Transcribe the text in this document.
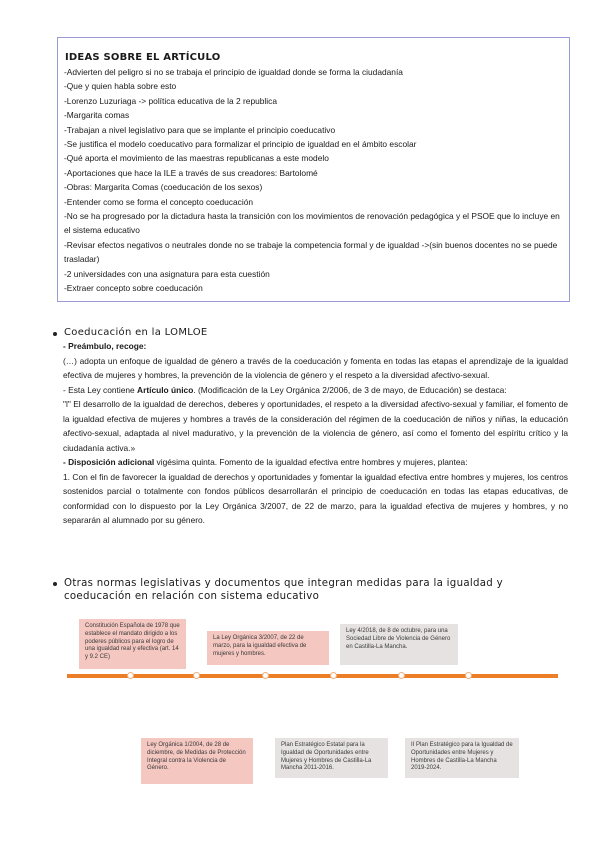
IDEAS SOBRE EL ARTÍCULO
-Advierten del peligro si no se trabaja el principio de igualdad donde se forma la ciudadanía
-Que y quien habla sobre esto
-Lorenzo Luzuriaga -> política educativa de la 2 republica
-Margarita comas
-Trabajan a nivel legislativo para que se implante el principio coeducativo
-Se justifica el modelo coeducativo para formalizar el principio de igualdad en el ámbito escolar
-Qué aporta el movimiento de las maestras republicanas a este modelo
-Aportaciones que hace la ILE a través de sus creadores: Bartolomé
-Obras: Margarita Comas (coeducación de los sexos)
-Entender como se forma el concepto coeducación
-No se ha progresado por la dictadura hasta la transición con los movimientos de renovación pedagógica y el PSOE que lo incluye en el sistema educativo
-Revisar efectos negativos o neutrales donde no se trabaje la competencia formal y de igualdad ->(sin buenos docentes no se puede trasladar)
-2 universidades con una asignatura para esta cuestión
-Extraer concepto sobre coeducación
Coeducación en la LOMLOE

- Preámbulo, recoge:

(…) adopta un enfoque de igualdad de género a través de la coeducación y fomenta en todas las etapas el aprendizaje de la igualdad efectiva de mujeres y hombres, la prevención de la violencia de género y el respeto a la diversidad afectivo-sexual.

- Esta Ley contiene Artículo único. (Modificación de la Ley Orgánica 2/2006, de 3 de mayo, de Educación) se destaca:

"l" El desarrollo de la igualdad de derechos, deberes y oportunidades, el respeto a la diversidad afectivo-sexual y familiar, el fomento de la igualdad efectiva de mujeres y hombres a través de la consideración del régimen de la coeducación de niños y niñas, la educación afectivo-sexual, adaptada al nivel madurativo, y la prevención de la violencia de género, así como el fomento del espíritu crítico y la ciudadanía activa.»

- Disposición adicional vigésima quinta. Fomento de la igualdad efectiva entre hombres y mujeres, plantea:

1. Con el fin de favorecer la igualdad de derechos y oportunidades y fomentar la igualdad efectiva entre hombres y mujeres, los centros sostenidos parcial o totalmente con fondos públicos desarrollarán el principio de coeducación en todas las etapas educativas, de conformidad con lo dispuesto por la Ley Orgánica 3/2007, de 22 de marzo, para la igualdad efectiva de mujeres y hombres, y no separarán al alumnado por su género.

Otras normas legislativas y documentos que integran medidas para la igualdad y coeducación en relación con sistema educativo
Constitución Española de 1978 que establece el mandato dirigido a los poderes públicos para el logro de una igualdad real y efectiva (art. 14 y 9.2 CE)
La Ley Orgánica 3/2007, de 22 de marzo, para la igualdad efectiva de mujeres y hombres.
Ley 4/2018, de 8 de octubre, para una Sociedad Libre de Violencia de Género en Castilla-La Mancha.
Ley Orgánica 1/2004, de 28 de diciembre, de Medidas de Protección Integral contra la Violencia de Género.
Plan Estratégico Estatal para la Igualdad de Oportunidades entre Mujeres y Hombres de Castilla-La Mancha 2011-2016.
II Plan Estratégico para la Igualdad de Oportunidades entre Mujeres y Hombres de Castilla-La Mancha 2019-2024.
